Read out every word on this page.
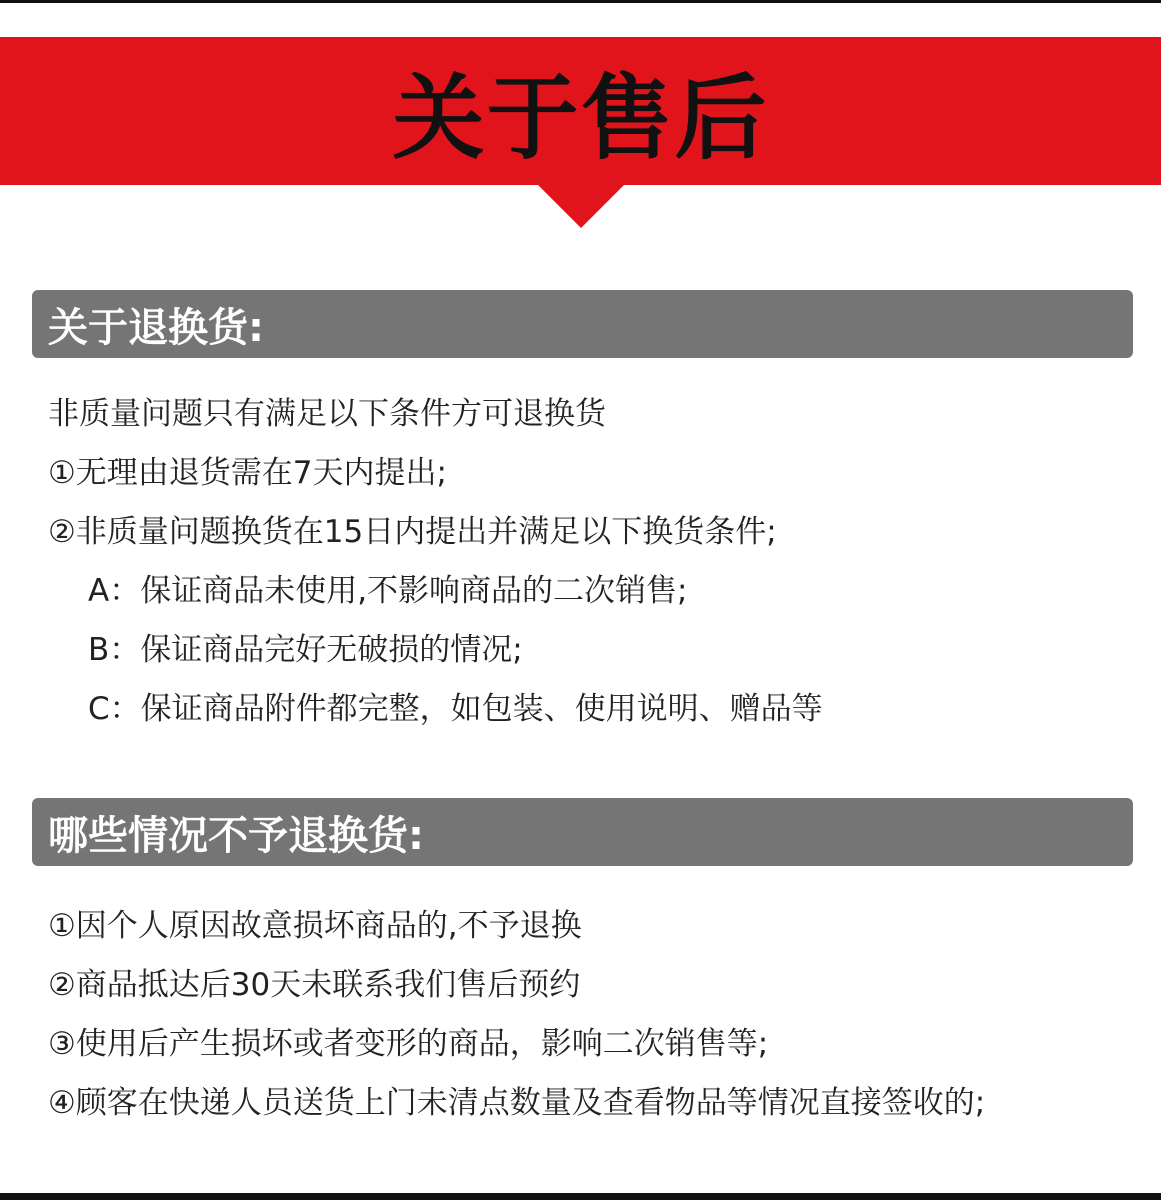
关于售后
关于退换货:
非质量问题只有满足以下条件方可退换货
①无理由退货需在7天内提出;
②非质量问题换货在15日内提出并满足以下换货条件;
A：保证商品未使用,不影响商品的二次销售;
B：保证商品完好无破损的情况;
C：保证商品附件都完整，如包装、使用说明、赠品等
哪些情况不予退换货:
①因个人原因故意损坏商品的,不予退换
②商品抵达后30天未联系我们售后预约
③使用后产生损坏或者变形的商品，影响二次销售等;
④顾客在快递人员送货上门未清点数量及查看物品等情况直接签收的;
